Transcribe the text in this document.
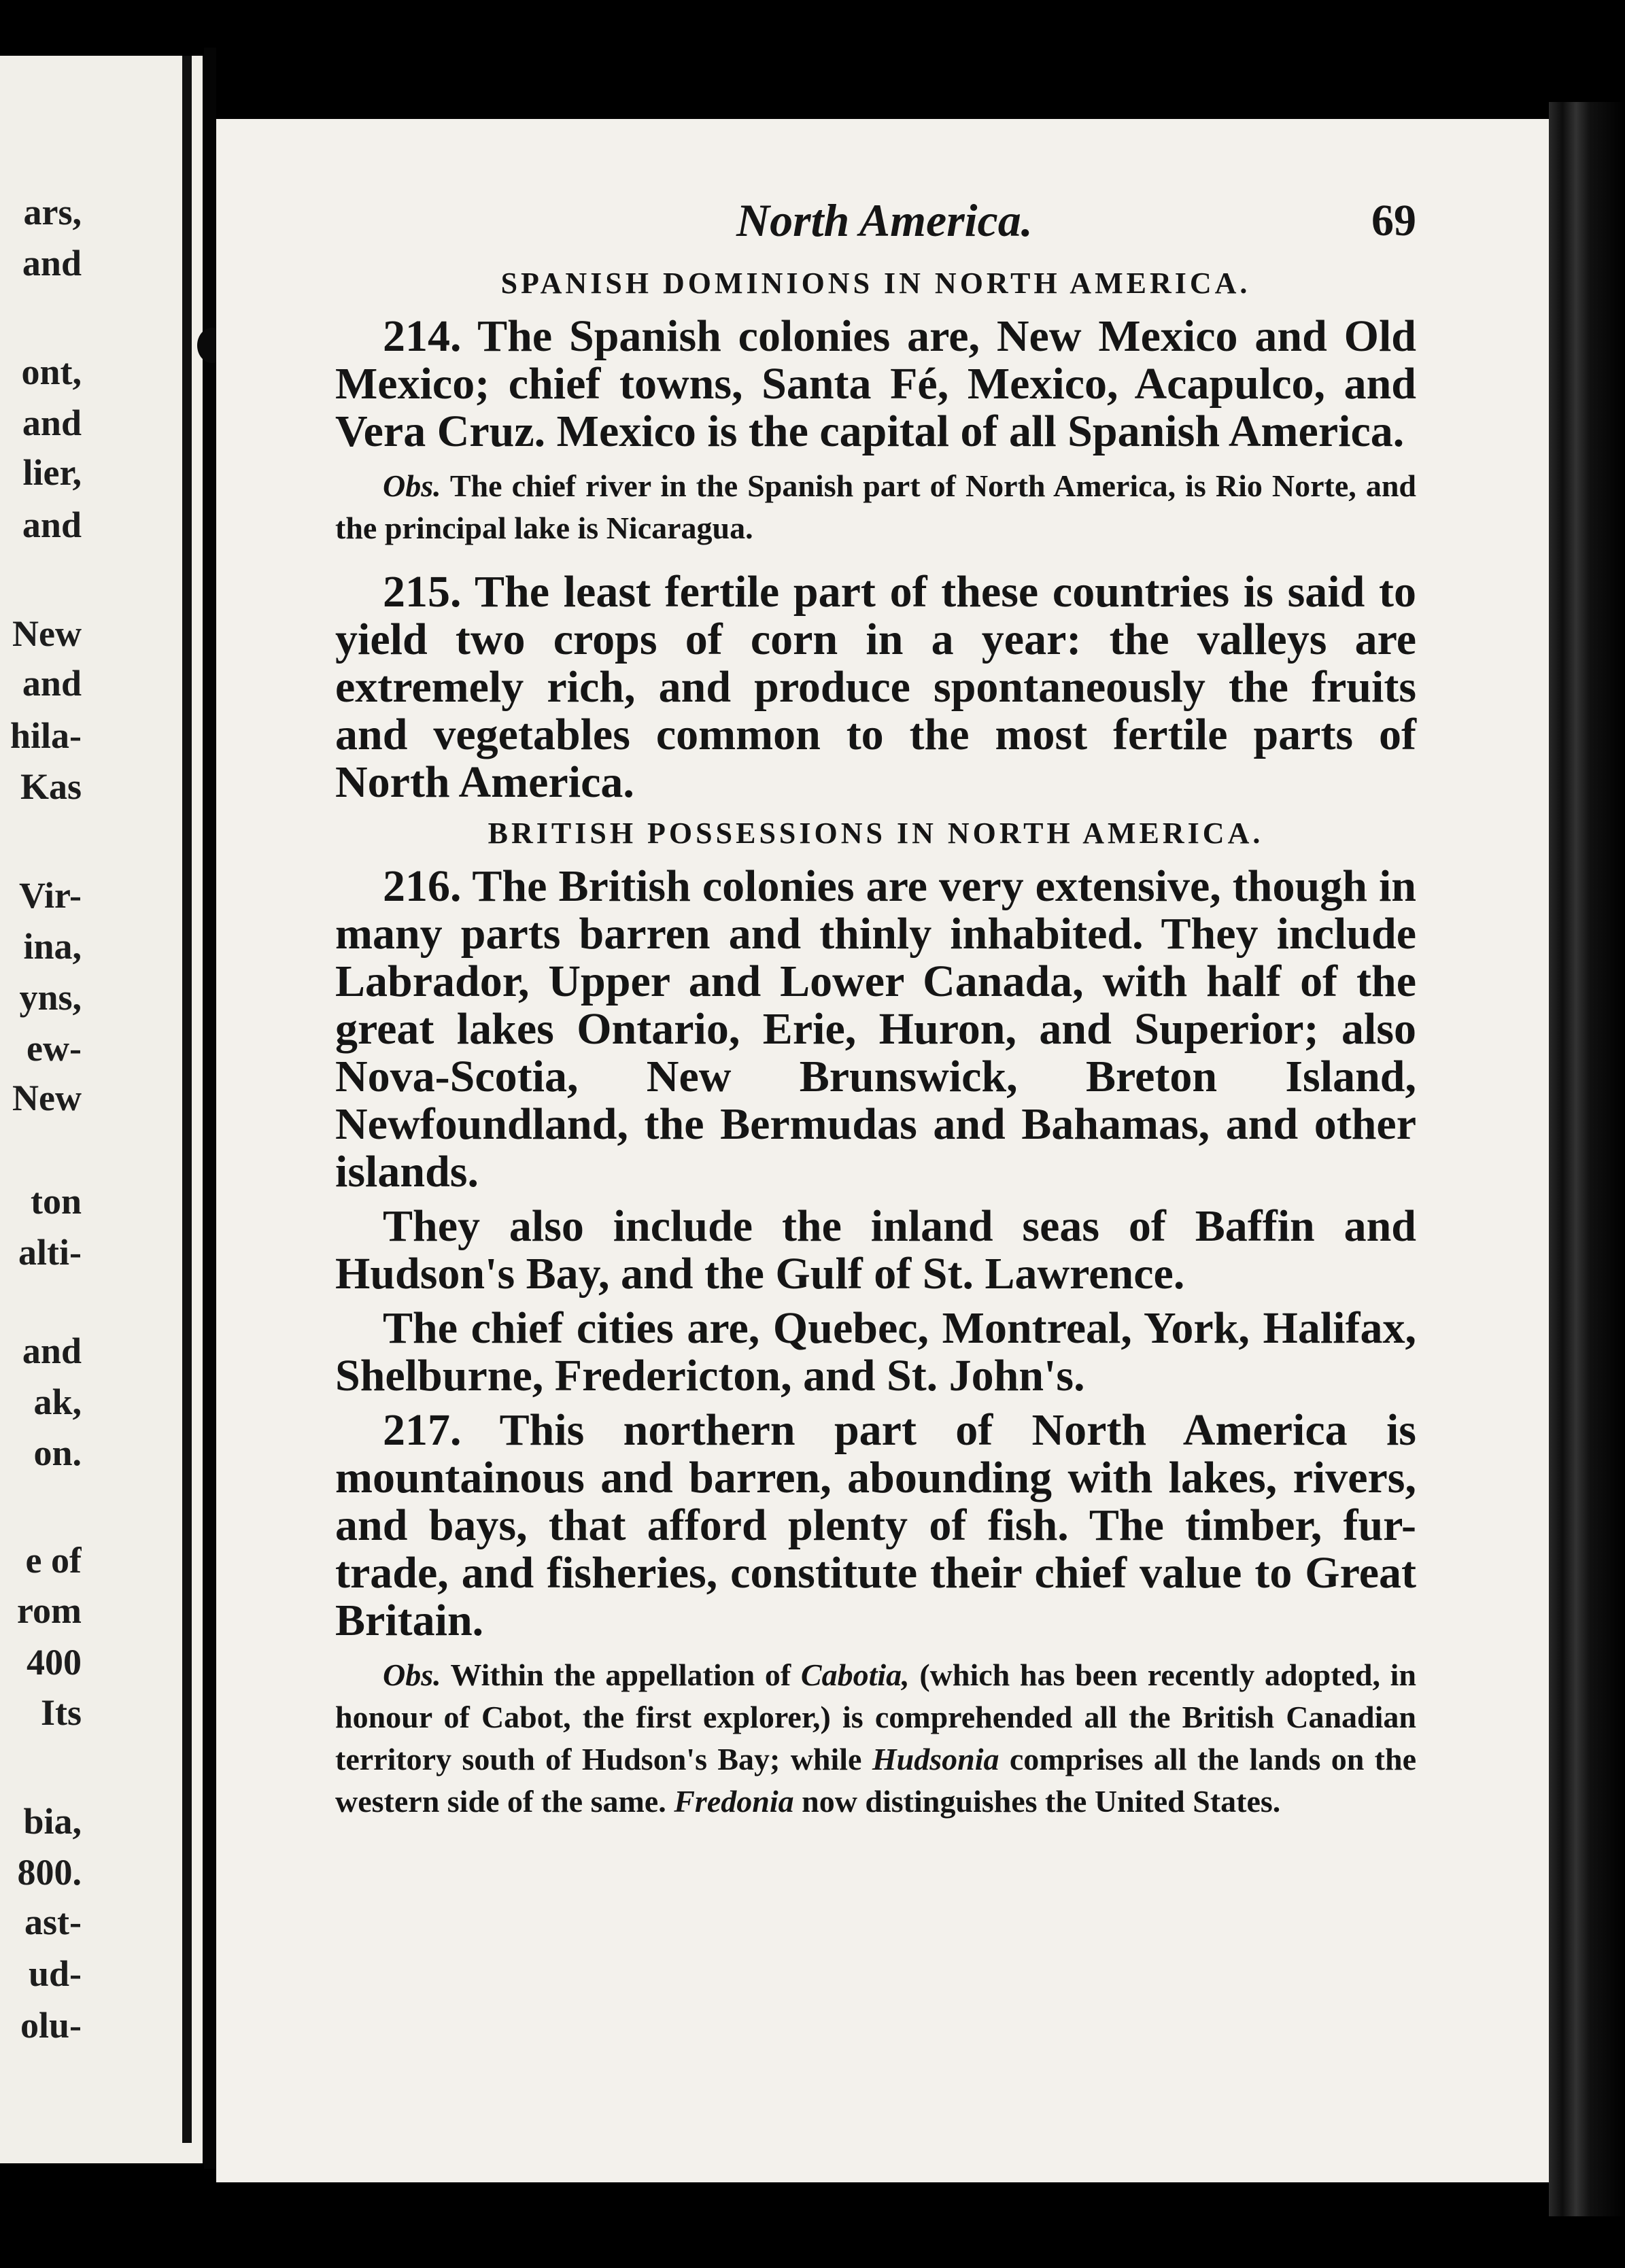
ars,
and
ont,
and
lier,
and
New
and
hila-
Kas
Vir-
ina,
yns,
ew-
New
ton
alti-
and
ak,
on.
e of
rom
400
Its
bia,
800.
ast-
ud-
olu-
North America.	69
SPANISH DOMINIONS IN NORTH AMERICA.

214. The Spanish colonies are, New Mexico and Old Mexico; chief towns, Santa Fé, Mexico, Acapulco, and Vera Cruz. Mexico is the capital of all Spanish America.

Obs. The chief river in the Spanish part of North America, is Rio Norte, and the principal lake is Nicaragua.

215. The least fertile part of these countries is said to yield two crops of corn in a year: the valleys are extremely rich, and produce spontaneously the fruits and vegetables common to the most fertile parts of North America.

BRITISH POSSESSIONS IN NORTH AMERICA.

216. The British colonies are very extensive, though in many parts barren and thinly inhabited. They include Labrador, Upper and Lower Canada, with half of the great lakes Ontario, Erie, Huron, and Superior; also Nova-Scotia, New Brunswick, Breton Island, Newfoundland, the Bermudas and Bahamas, and other islands.

They also include the inland seas of Baffin and Hudson's Bay, and the Gulf of St. Lawrence.

The chief cities are, Quebec, Montreal, York, Halifax, Shelburne, Fredericton, and St. John's.

217. This northern part of North America is mountainous and barren, abounding with lakes, rivers, and bays, that afford plenty of fish. The timber, fur-trade, and fisheries, constitute their chief value to Great Britain.

Obs. Within the appellation of Cabotia, (which has been recently adopted, in honour of Cabot, the first explorer,) is comprehended all the British Canadian territory south of Hudson's Bay; while Hudsonia comprises all the lands on the western side of the same. Fredonia now distinguishes the United States.
